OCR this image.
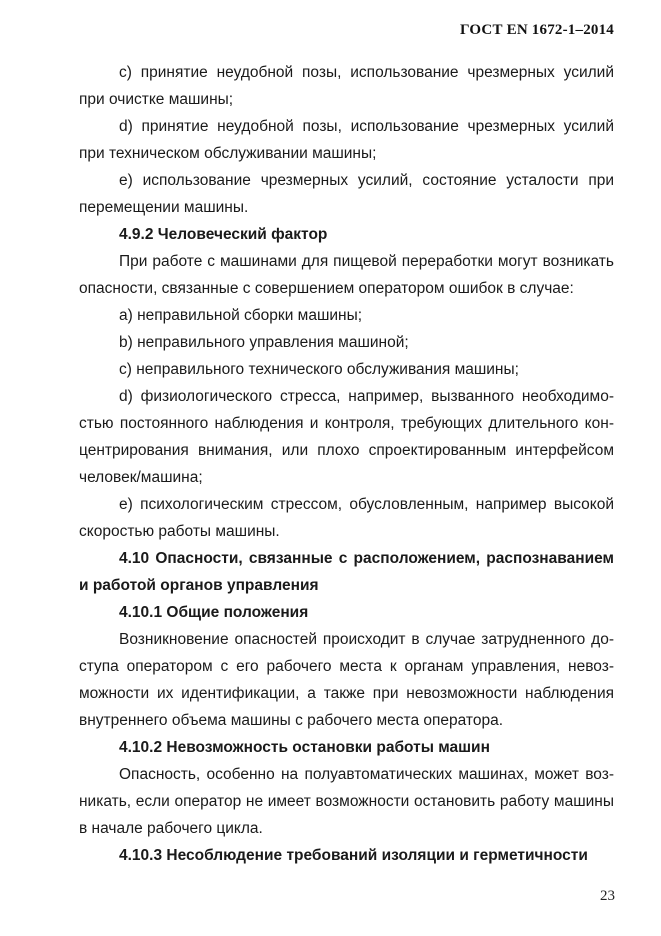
ГОСТ EN 1672-1–2014

c) принятие неудобной позы, использование чрезмерных усилий при очистке машины;

d) принятие неудобной позы, использование чрезмерных усилий при техническом обслуживании машины;

e) использование чрезмерных усилий, состояние усталости при перемещении машины.

4.9.2 Человеческий фактор

При работе с машинами для пищевой переработки могут возникать опасности, связанные с совершением оператором ошибок в случае:

a) неправильной сборки машины;

b) неправильного управления машиной;

c) неправильного технического обслуживания машины;

d) физиологического стресса, например, вызванного необходимостью постоянного наблюдения и контроля, требующих длительного концентрирования внимания, или плохо спроектированным интерфейсом человек/машина;

e) психологическим стрессом, обусловленным, например высокой скоростью работы машины.

4.10 Опасности, связанные с расположением, распознаванием и работой органов управления

4.10.1 Общие положения

Возникновение опасностей происходит в случае затрудненного доступа оператором с его рабочего места к органам управления, невозможности их идентификации, а также при невозможности наблюдения внутреннего объема машины с рабочего места оператора.

4.10.2 Невозможность остановки работы машин

Опасность, особенно на полуавтоматических машинах, может возникать, если оператор не имеет возможности остановить работу машины в начале рабочего цикла.

4.10.3 Несоблюдение требований изоляции и герметичности

23
